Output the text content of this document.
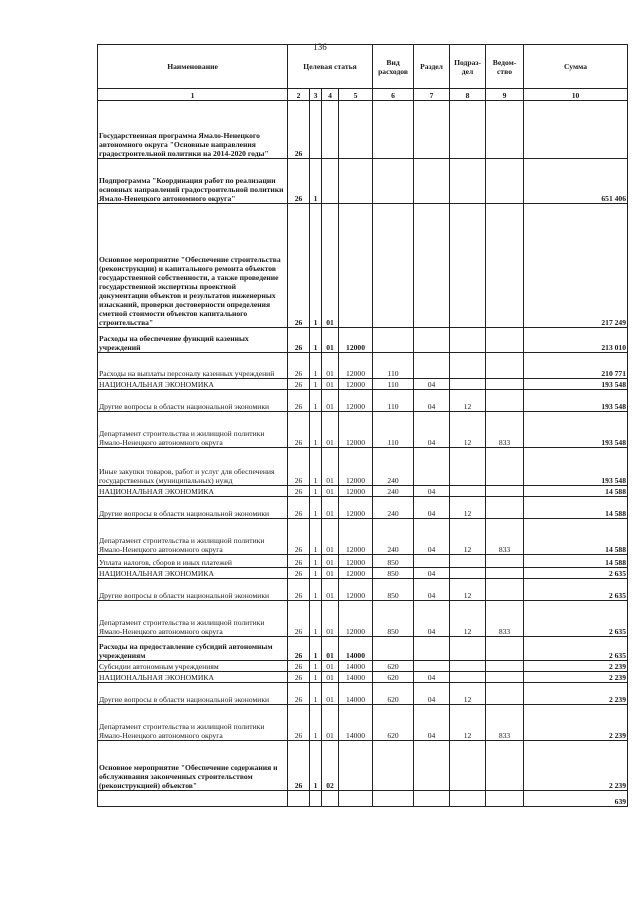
136
Наименование	Целевая статья				Вид расходов	Раздел	Подраз-дел	Ведом-ство	Сумма
1	2	3	4	5	6	7	8	9	10
Государственная программа Ямало-Ненецкого автономного округа "Основные направления градостроительной политики на 2014-2020 годы"	26								
Подпрограмма "Координация работ по реализации основных направлений градостроительной политики Ямало-Ненецкого автономного округа"	26	1							651 406
Основное мероприятие "Обеспечение строительства (реконструкции) и капитального ремонта объектов государственной собственности, а также проведение государственной экспертизы проектной документации объектов и результатов инженерных изысканий, проверки достоверности определения сметной стоимости объектов капитального строительства"	26	1	01						217 249
Расходы на обеспечение функций казенных учреждений	26	1	01	12000					213 010
Расходы на выплаты персоналу казенных учреждений	26	1	01	12000	110				210 771
НАЦИОНАЛЬНАЯ ЭКОНОМИКА	26	1	01	12000	110	04			193 548
Другие вопросы в области национальной экономики	26	1	01	12000	110	04	12		193 548
Департамент строительства и жилищной политики Ямало-Ненецкого автономного округа	26	1	01	12000	110	04	12	833	193 548
Иные закупки товаров, работ и услуг для обеспечения государственных (муниципальных) нужд	26	1	01	12000	240				193 548
НАЦИОНАЛЬНАЯ ЭКОНОМИКА	26	1	01	12000	240	04			14 588
Другие вопросы в области национальной экономики	26	1	01	12000	240	04	12		14 588
Департамент строительства и жилищной политики Ямало-Ненецкого автономного округа	26	1	01	12000	240	04	12	833	14 588
Уплата налогов, сборов и иных платежей	26	1	01	12000	850				14 588
НАЦИОНАЛЬНАЯ ЭКОНОМИКА	26	1	01	12000	850	04			2 635
Другие вопросы в области национальной экономики	26	1	01	12000	850	04	12		2 635
Департамент строительства и жилищной политики Ямало-Ненецкого автономного округа	26	1	01	12000	850	04	12	833	2 635
Расходы на предоставление субсидий автономным учреждениям	26	1	01	14000					2 635
Субсидии автономным учреждениям	26	1	01	14000	620				2 239
НАЦИОНАЛЬНАЯ ЭКОНОМИКА	26	1	01	14000	620	04			2 239
Другие вопросы в области национальной экономики	26	1	01	14000	620	04	12		2 239
Департамент строительства и жилищной политики Ямало-Ненецкого автономного округа	26	1	01	14000	620	04	12	833	2 239
Основное мероприятие "Обеспечение содержания и обслуживания законченных строительством (реконструкцией) объектов"	26	1	02						2 239
									639
